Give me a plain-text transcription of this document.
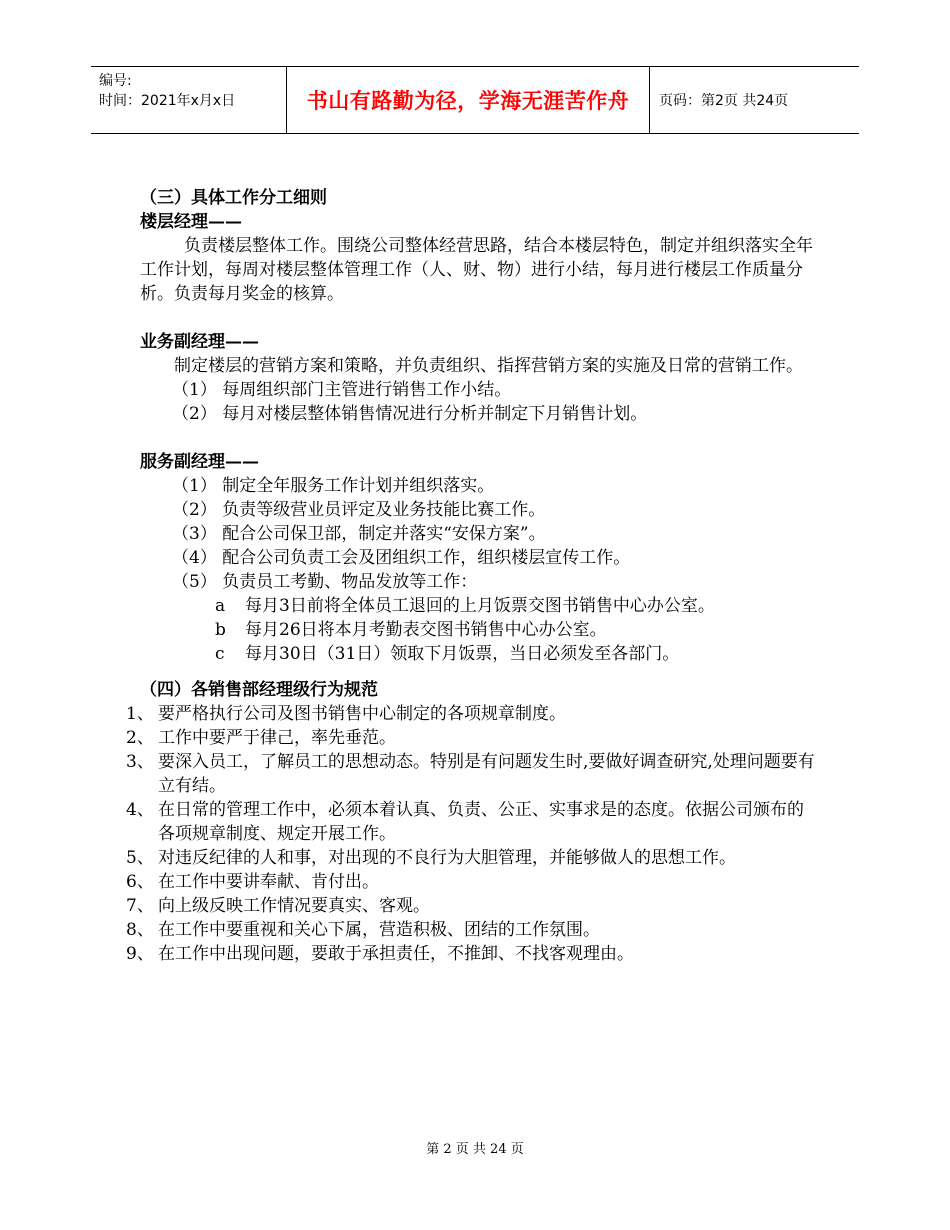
编号:
时间：2021年x月x日	书山有路勤为径，学海无涯苦作舟	页码：第2页 共24页

（三）具体工作分工细则

楼层经理——

负责楼层整体工作。围绕公司整体经营思路，结合本楼层特色，制定并组织落实全年工作计划，每周对楼层整体管理工作（人、财、物）进行小结，每月进行楼层工作质量分析。负责每月奖金的核算。

业务副经理——

制定楼层的营销方案和策略，并负责组织、指挥营销方案的实施及日常的营销工作。

（1） 每周组织部门主管进行销售工作小结。

（2） 每月对楼层整体销售情况进行分析并制定下月销售计划。

服务副经理——

（1） 制定全年服务工作计划并组织落实。

（2） 负责等级营业员评定及业务技能比赛工作。

（3） 配合公司保卫部，制定并落实“安保方案”。

（4） 配合公司负责工会及团组织工作，组织楼层宣传工作。

（5） 负责员工考勤、物品发放等工作：

a	每月3日前将全体员工退回的上月饭票交图书销售中心办公室。
b	每月26日将本月考勤表交图书销售中心办公室。
c	每月30日（31日）领取下月饭票，当日必须发至各部门。

（四）各销售部经理级行为规范

1、 要严格执行公司及图书销售中心制定的各项规章制度。
2、 工作中要严于律己，率先垂范。
3、 要深入员工，了解员工的思想动态。特别是有问题发生时,要做好调查研究,处理问题要有立有结。
4、 在日常的管理工作中，必须本着认真、负责、公正、实事求是的态度。依据公司颁布的各项规章制度、规定开展工作。
5、 对违反纪律的人和事，对出现的不良行为大胆管理，并能够做人的思想工作。
6、 在工作中要讲奉献、肯付出。
7、 向上级反映工作情况要真实、客观。
8、 在工作中要重视和关心下属，营造积极、团结的工作氛围。
9、 在工作中出现问题，要敢于承担责任，不推卸、不找客观理由。
第 2 页 共 24 页
